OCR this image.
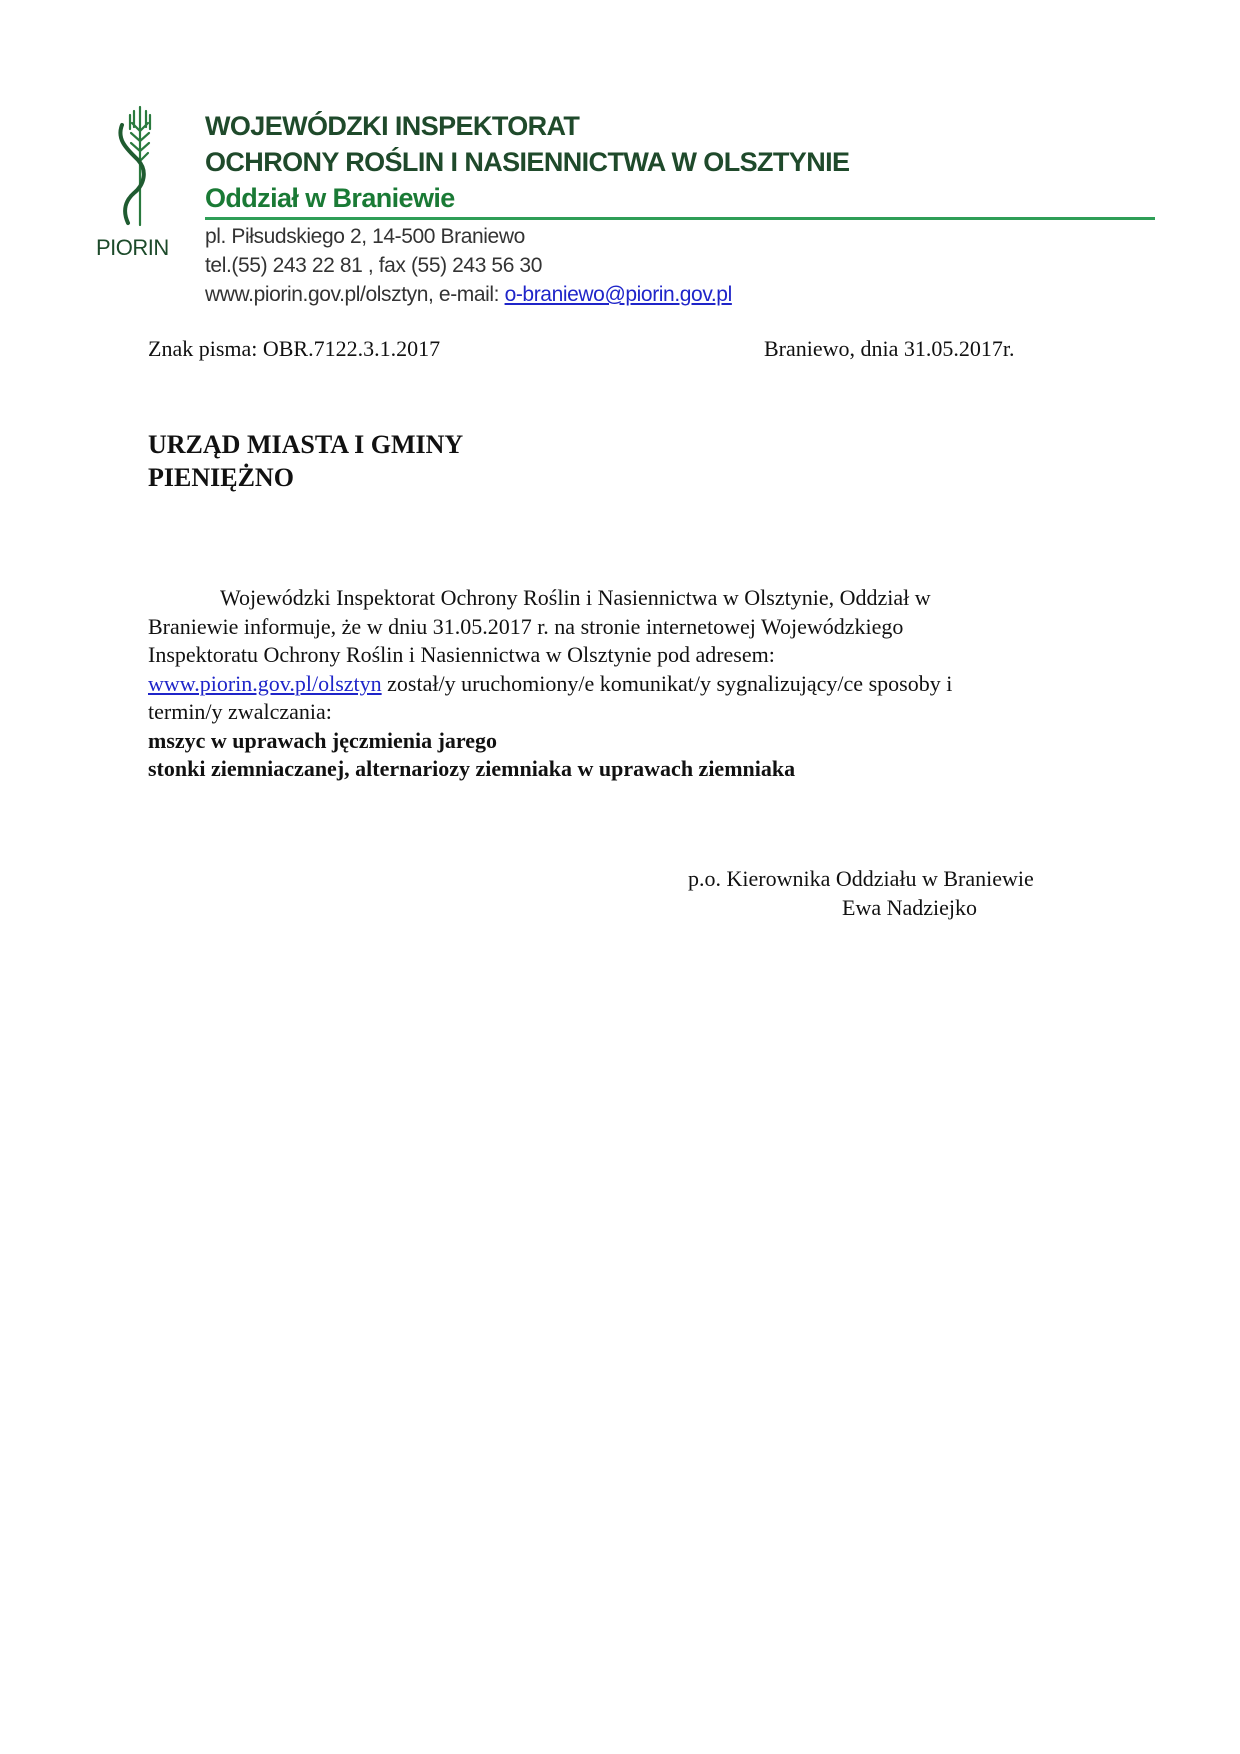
PIORIN
WOJEWÓDZKI INSPEKTORAT
OCHRONY ROŚLIN I NASIENNICTWA W OLSZTYNIE
Oddział w Braniewie
pl. Piłsudskiego 2, 14-500 Braniewo
tel.(55) 243 22 81 , fax (55) 243 56 30
www.piorin.gov.pl/olsztyn, e-mail: o-braniewo@piorin.gov.pl
Znak pisma: OBR.7122.3.1.2017	Braniewo, dnia 31.05.2017r.
URZĄD MIASTA I GMINY
PIENIĘŻNO

Wojewódzki Inspektorat Ochrony Roślin i Nasiennictwa w Olsztynie, Oddział w

Braniewie informuje, że w dniu 31.05.2017 r. na stronie internetowej Wojewódzkiego

Inspektoratu Ochrony Roślin i Nasiennictwa w Olsztynie pod adresem:

www.piorin.gov.pl/olsztyn został/y uruchomiony/e komunikat/y sygnalizujący/ce sposoby i

termin/y zwalczania:

mszyc w uprawach jęczmienia jarego

stonki ziemniaczanej, alternariozy ziemniaka w uprawach ziemniaka

p.o. Kierownika Oddziału w Braniewie
Ewa Nadziejko
